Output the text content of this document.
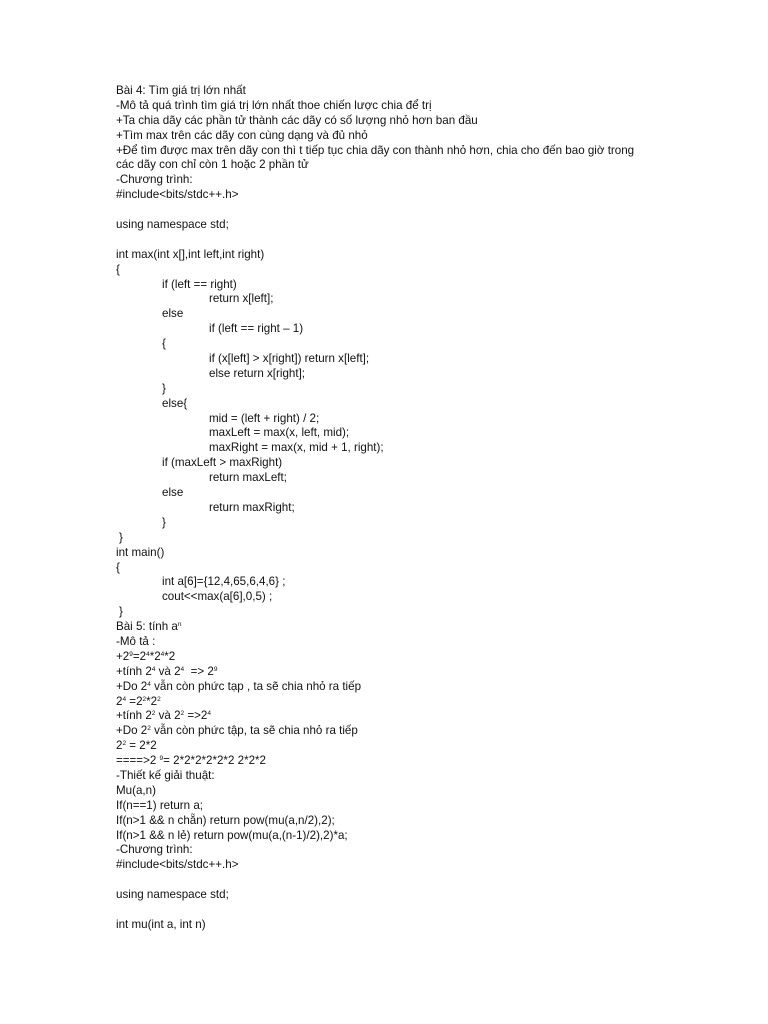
Bài 4: Tìm giá trị lớn nhất
-Mô tả quá trình tìm giá trị lớn nhất thoe chiến lược chia để trị
+Ta chia dãy các phần tử thành các dãy có số lượng nhỏ hơn ban đầu
+Tìm max trên các dãy con cùng dạng và đủ nhỏ
+Để tìm được max trên dãy con thì t tiếp tục chia dãy con thành nhỏ hơn, chia cho đến bao giờ trong
các dãy con chỉ còn 1 hoặc 2 phần tử
-Chương trình:
#include<bits/stdc++.h>
using namespace std;
int max(int x[],int left,int right)
{
if (left == right)
return x[left];
else
if (left == right – 1)
{
if (x[left] > x[right]) return x[left];
else return x[right];
}
else{
mid = (left + right) / 2;
maxLeft = max(x, left, mid);
maxRight = max(x, mid + 1, right);
if (maxLeft > maxRight)
return maxLeft;
else
return maxRight;
}
}
int main()
{
int a[6]={12,4,65,6,4,6} ;
cout<<max(a[6],0,5) ;
}
Bài 5: tính $a^n$
-Mô tả :
$+2^9=2^4*2^4*2$
+tính $2^4$ và $2^4 => 2^9$
+Do $2^4$ vẫn còn phức tạp , ta sẽ chia nhỏ ra tiếp
$2^4 =2^2*2^2$
+tính $2^2$ và $2^2 =>2^4$
+Do $2^2$ vẫn còn phức tập, ta sẽ chia nhỏ ra tiếp
$2^2 = 2*2$
====>2 $^9$= 2*2*2*2*2*2 2*2*2
-Thiết kế giải thuật:
Mu(a,n)
If(n==1) return a;
If(n>1 && n chẵn) return pow(mu(a,n/2),2);
If(n>1 && n lẻ) return pow(mu(a,(n-1)/2),2)*a;
-Chương trình:
#include<bits/stdc++.h>
using namespace std;
int mu(int a, int n)
